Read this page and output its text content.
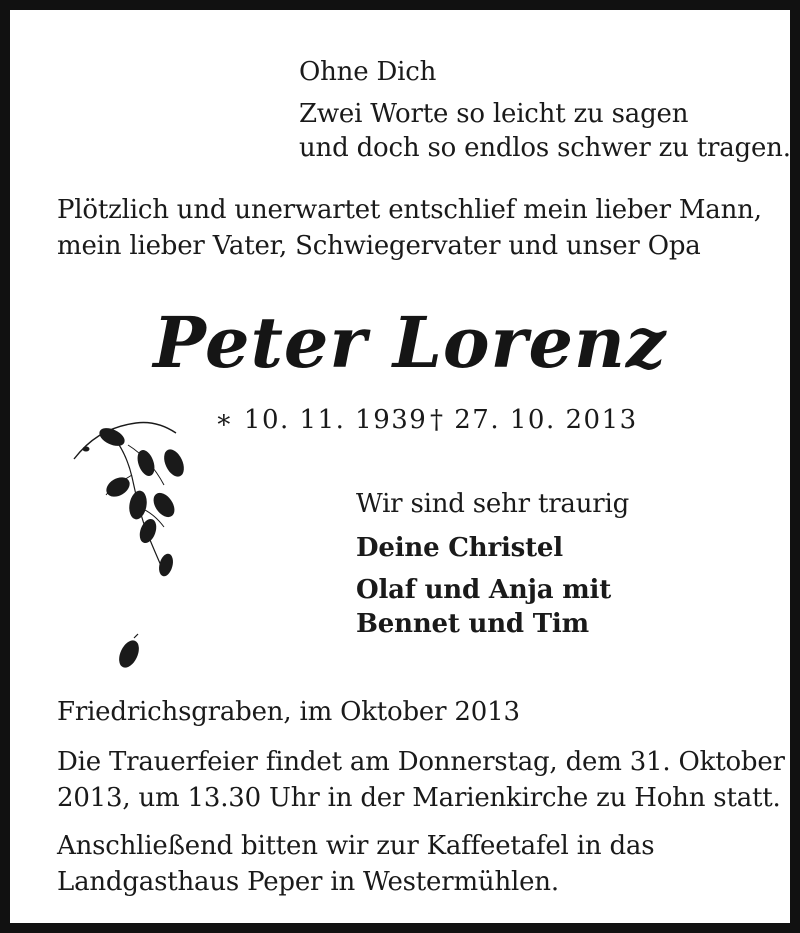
Ohne Dich
Zwei Worte so leicht zu sagen
und doch so endlos schwer zu tragen.
Plötzlich und unerwartet entschlief mein lieber Mann,
mein lieber Vater, Schwiegervater und unser Opa
Peter Lorenz
∗ 10. 11. 1939 † 27. 10. 2013
Wir sind sehr traurig
Deine Christel
Olaf und Anja mit
Bennet und Tim
Friedrichsgraben, im Oktober 2013
Die Trauerfeier findet am Donnerstag, dem 31. Oktober
2013, um 13.30 Uhr in der Marienkirche zu Hohn statt.
Anschließend bitten wir zur Kaffeetafel in das
Landgasthaus Peper in Westermühlen.
